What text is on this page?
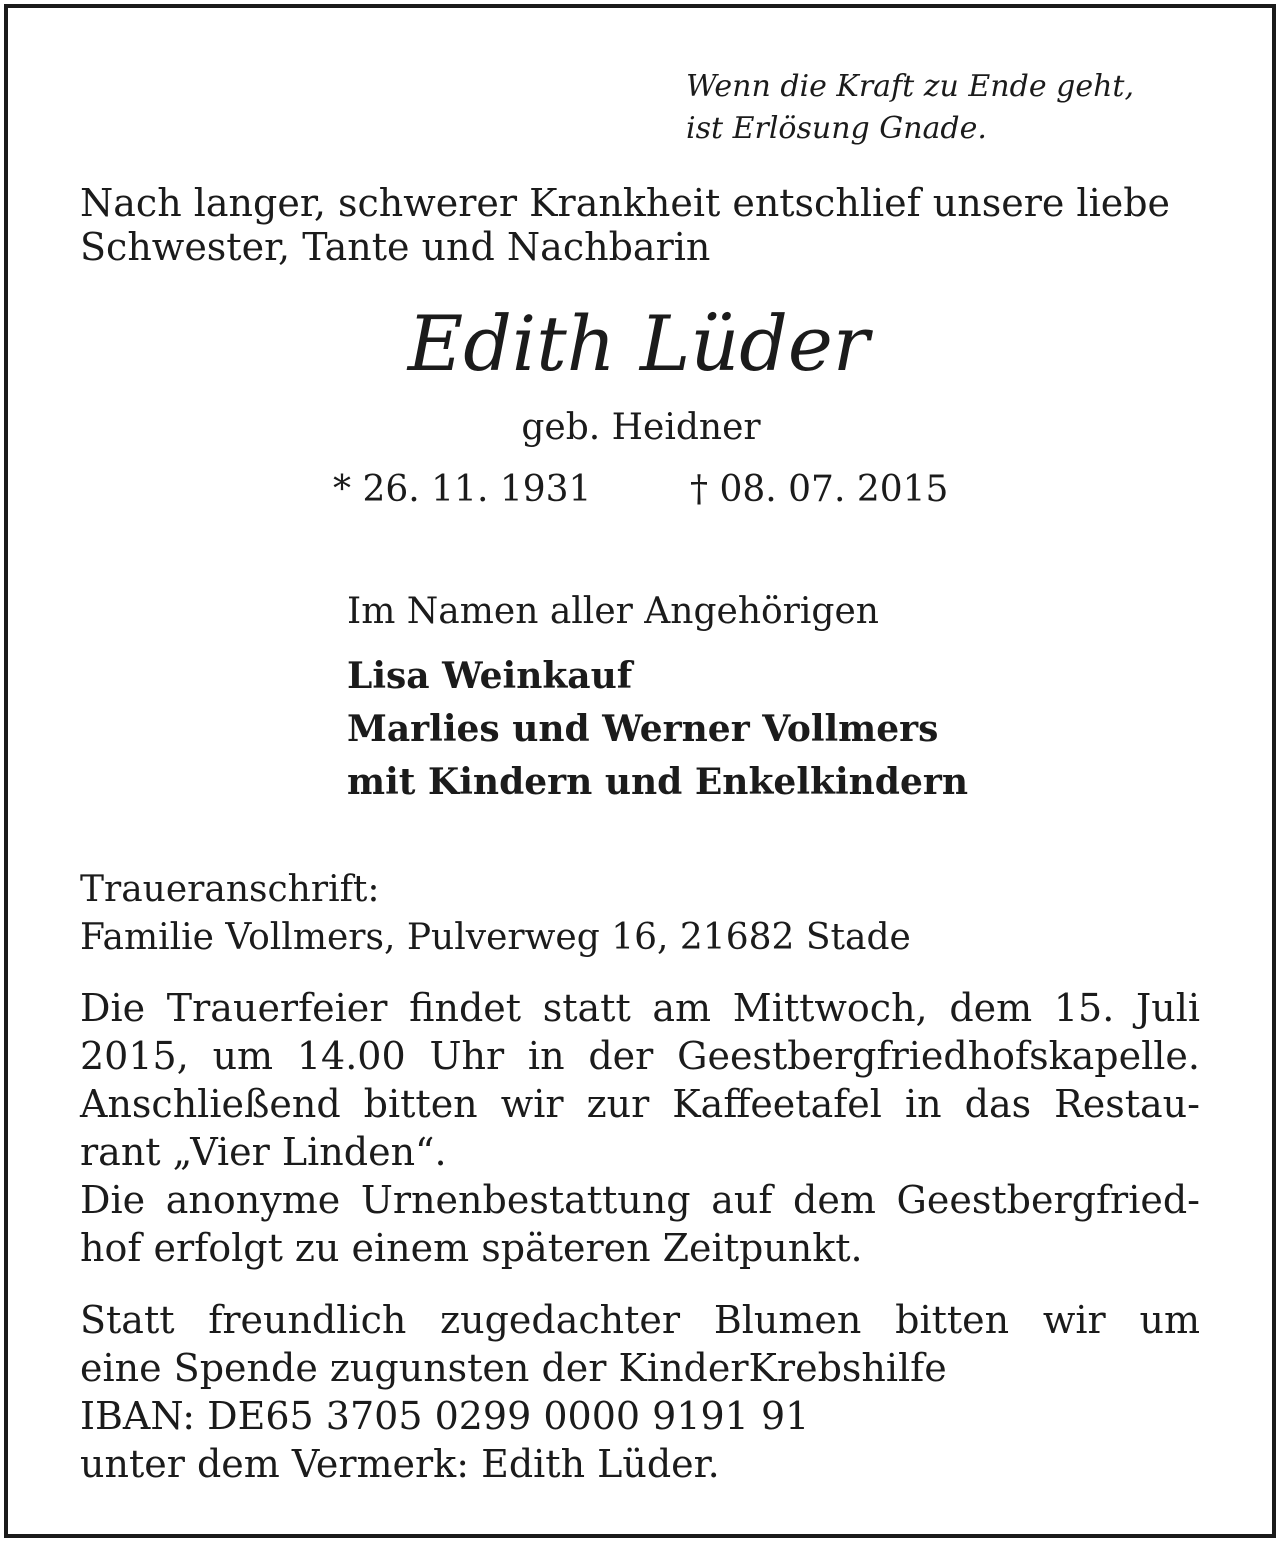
Wenn die Kraft zu Ende geht,
ist Erlösung Gnade.
Nach langer, schwerer Krankheit entschlief unsere liebe
Schwester, Tante und Nachbarin
Edith Lüder
geb. Heidner
* 26. 11. 1931	† 08. 07. 2015
Im Namen aller Angehörigen
Lisa Weinkauf
Marlies und Werner Vollmers
mit Kindern und Enkelkindern
Traueranschrift:
Familie Vollmers, Pulverweg 16, 21682 Stade
Die Trauerfeier findet statt am Mittwoch, dem 15. Juli
2015, um 14.00 Uhr in der Geestbergfriedhofskapelle.
Anschließend bitten wir zur Kaffeetafel in das Restau-
rant „Vier Linden“.
Die anonyme Urnenbestattung auf dem Geestbergfried-
hof erfolgt zu einem späteren Zeitpunkt.
Statt freundlich zugedachter Blumen bitten wir um
eine Spende zugunsten der KinderKrebshilfe
IBAN: DE65 3705 0299 0000 9191 91
unter dem Vermerk: Edith Lüder.
